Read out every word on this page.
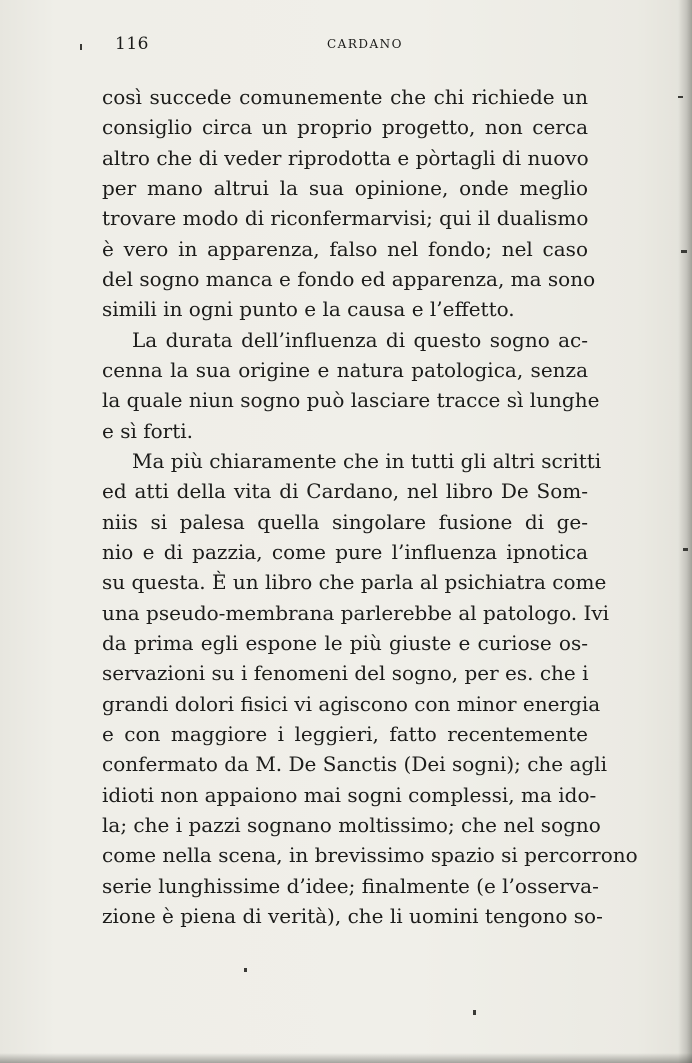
116	CARDANO
così succede comunemente che chi richiede un
consiglio circa un proprio progetto, non cerca
altro che di veder riprodotta e pòrtagli di nuovo
per mano altrui la sua opinione, onde meglio
trovare modo di riconfermarvisi; qui il dualismo
è vero in apparenza, falso nel fondo; nel caso
del sogno manca e fondo ed apparenza, ma sono
simili in ogni punto e la causa e l’effetto.
La durata dell’influenza di questo sogno ac-
cenna la sua origine e natura patologica, senza
la quale niun sogno può lasciare tracce sì lunghe
e sì forti.
Ma più chiaramente che in tutti gli altri scritti
ed atti della vita di Cardano, nel libro De Som-
niis si palesa quella singolare fusione di ge-
nio e di pazzia, come pure l’influenza ipnotica
su questa. È un libro che parla al psichiatra come
una pseudo-membrana parlerebbe al patologo. Ivi
da prima egli espone le più giuste e curiose os-
servazioni su i fenomeni del sogno, per es. che i
grandi dolori fisici vi agiscono con minor energia
e con maggiore i leggieri, fatto recentemente
confermato da M. De Sanctis (Dei sogni); che agli
idioti non appaiono mai sogni complessi, ma ido-
la; che i pazzi sognano moltissimo; che nel sogno
come nella scena, in brevissimo spazio si percorrono
serie lunghissime d’idee; finalmente (e l’osserva-
zione è piena di verità), che li uomini tengono so-
